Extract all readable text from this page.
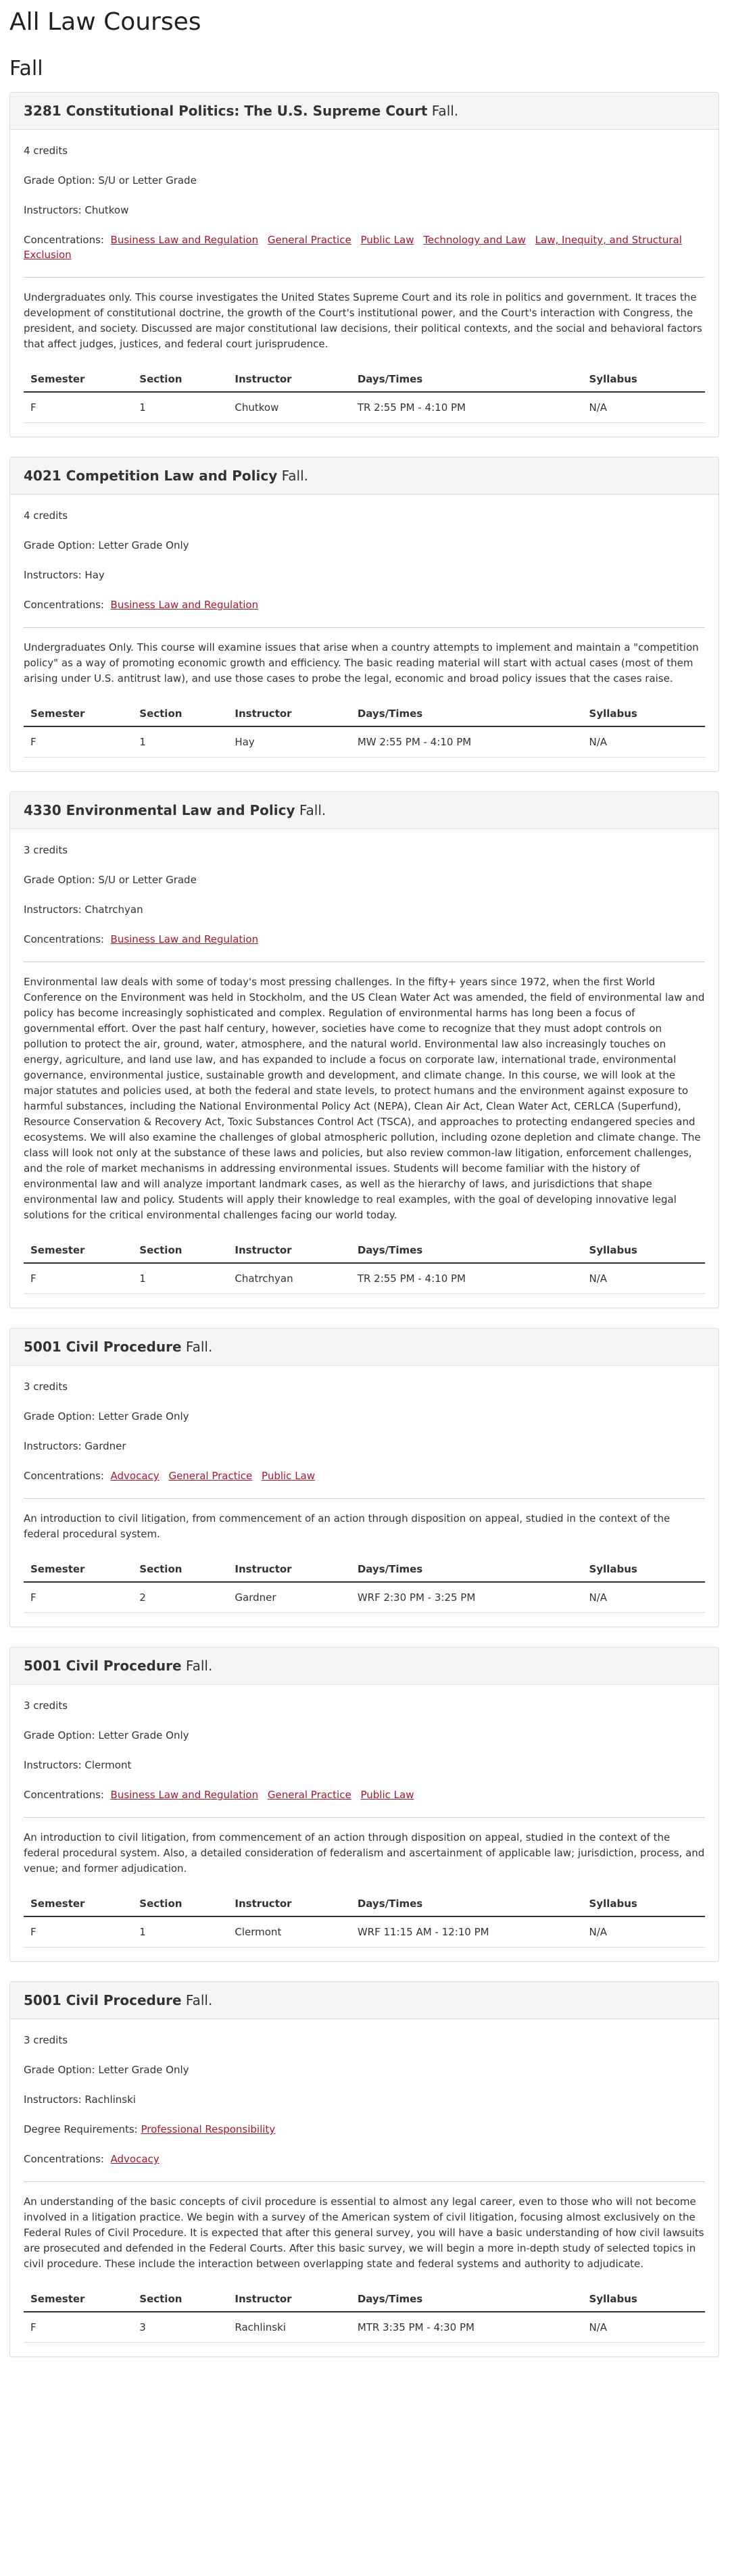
All Law Courses
Fall
3281 Constitutional Politics: The U.S. Supreme Court Fall.
4 credits
Grade Option: S/U or Letter Grade
Instructors: Chutkow
Concentrations: Business Law and Regulation General Practice Public Law Technology and Law Law, Inequity, and Structural Exclusion

Undergraduates only. This course investigates the United States Supreme Court and its role in politics and government. It traces the development of constitutional doctrine, the growth of the Court's institutional power, and the Court's interaction with Congress, the president, and society. Discussed are major constitutional law decisions, their political contexts, and the social and behavioral factors that affect judges, justices, and federal court jurisprudence.

Semester	Section	Instructor	Days/Times	Syllabus
F	1	Chutkow	TR 2:55 PM - 4:10 PM	N/A
4021 Competition Law and Policy Fall.
4 credits
Grade Option: Letter Grade Only
Instructors: Hay
Concentrations: Business Law and Regulation

Undergraduates Only. This course will examine issues that arise when a country attempts to implement and maintain a "competition policy" as a way of promoting economic growth and efficiency. The basic reading material will start with actual cases (most of them arising under U.S. antitrust law), and use those cases to probe the legal, economic and broad policy issues that the cases raise.

Semester	Section	Instructor	Days/Times	Syllabus
F	1	Hay	MW 2:55 PM - 4:10 PM	N/A
4330 Environmental Law and Policy Fall.
3 credits
Grade Option: S/U or Letter Grade
Instructors: Chatrchyan
Concentrations: Business Law and Regulation

Environmental law deals with some of today's most pressing challenges. In the fifty+ years since 1972, when the first World Conference on the Environment was held in Stockholm, and the US Clean Water Act was amended, the field of environmental law and policy has become increasingly sophisticated and complex. Regulation of environmental harms has long been a focus of governmental effort. Over the past half century, however, societies have come to recognize that they must adopt controls on pollution to protect the air, ground, water, atmosphere, and the natural world. Environmental law also increasingly touches on energy, agriculture, and land use law, and has expanded to include a focus on corporate law, international trade, environmental governance, environmental justice, sustainable growth and development, and climate change. In this course, we will look at the major statutes and policies used, at both the federal and state levels, to protect humans and the environment against exposure to harmful substances, including the National Environmental Policy Act (NEPA), Clean Air Act, Clean Water Act, CERLCA (Superfund), Resource Conservation & Recovery Act, Toxic Substances Control Act (TSCA), and approaches to protecting endangered species and ecosystems. We will also examine the challenges of global atmospheric pollution, including ozone depletion and climate change. The class will look not only at the substance of these laws and policies, but also review common-law litigation, enforcement challenges, and the role of market mechanisms in addressing environmental issues. Students will become familiar with the history of environmental law and will analyze important landmark cases, as well as the hierarchy of laws, and jurisdictions that shape environmental law and policy. Students will apply their knowledge to real examples, with the goal of developing innovative legal solutions for the critical environmental challenges facing our world today.

Semester	Section	Instructor	Days/Times	Syllabus
F	1	Chatrchyan	TR 2:55 PM - 4:10 PM	N/A
5001 Civil Procedure Fall.
3 credits
Grade Option: Letter Grade Only
Instructors: Gardner
Concentrations: Advocacy General Practice Public Law

An introduction to civil litigation, from commencement of an action through disposition on appeal, studied in the context of the federal procedural system.

Semester	Section	Instructor	Days/Times	Syllabus
F	2	Gardner	WRF 2:30 PM - 3:25 PM	N/A
5001 Civil Procedure Fall.
3 credits
Grade Option: Letter Grade Only
Instructors: Clermont
Concentrations: Business Law and Regulation General Practice Public Law

An introduction to civil litigation, from commencement of an action through disposition on appeal, studied in the context of the federal procedural system. Also, a detailed consideration of federalism and ascertainment of applicable law; jurisdiction, process, and venue; and former adjudication.

Semester	Section	Instructor	Days/Times	Syllabus
F	1	Clermont	WRF 11:15 AM - 12:10 PM	N/A
5001 Civil Procedure Fall.
3 credits
Grade Option: Letter Grade Only
Instructors: Rachlinski
Degree Requirements: Professional Responsibility
Concentrations: Advocacy

An understanding of the basic concepts of civil procedure is essential to almost any legal career, even to those who will not become involved in a litigation practice. We begin with a survey of the American system of civil litigation, focusing almost exclusively on the Federal Rules of Civil Procedure. It is expected that after this general survey, you will have a basic understanding of how civil lawsuits are prosecuted and defended in the Federal Courts. After this basic survey, we will begin a more in-depth study of selected topics in civil procedure. These include the interaction between overlapping state and federal systems and authority to adjudicate.

Semester	Section	Instructor	Days/Times	Syllabus
F	3	Rachlinski	MTR 3:35 PM - 4:30 PM	N/A
